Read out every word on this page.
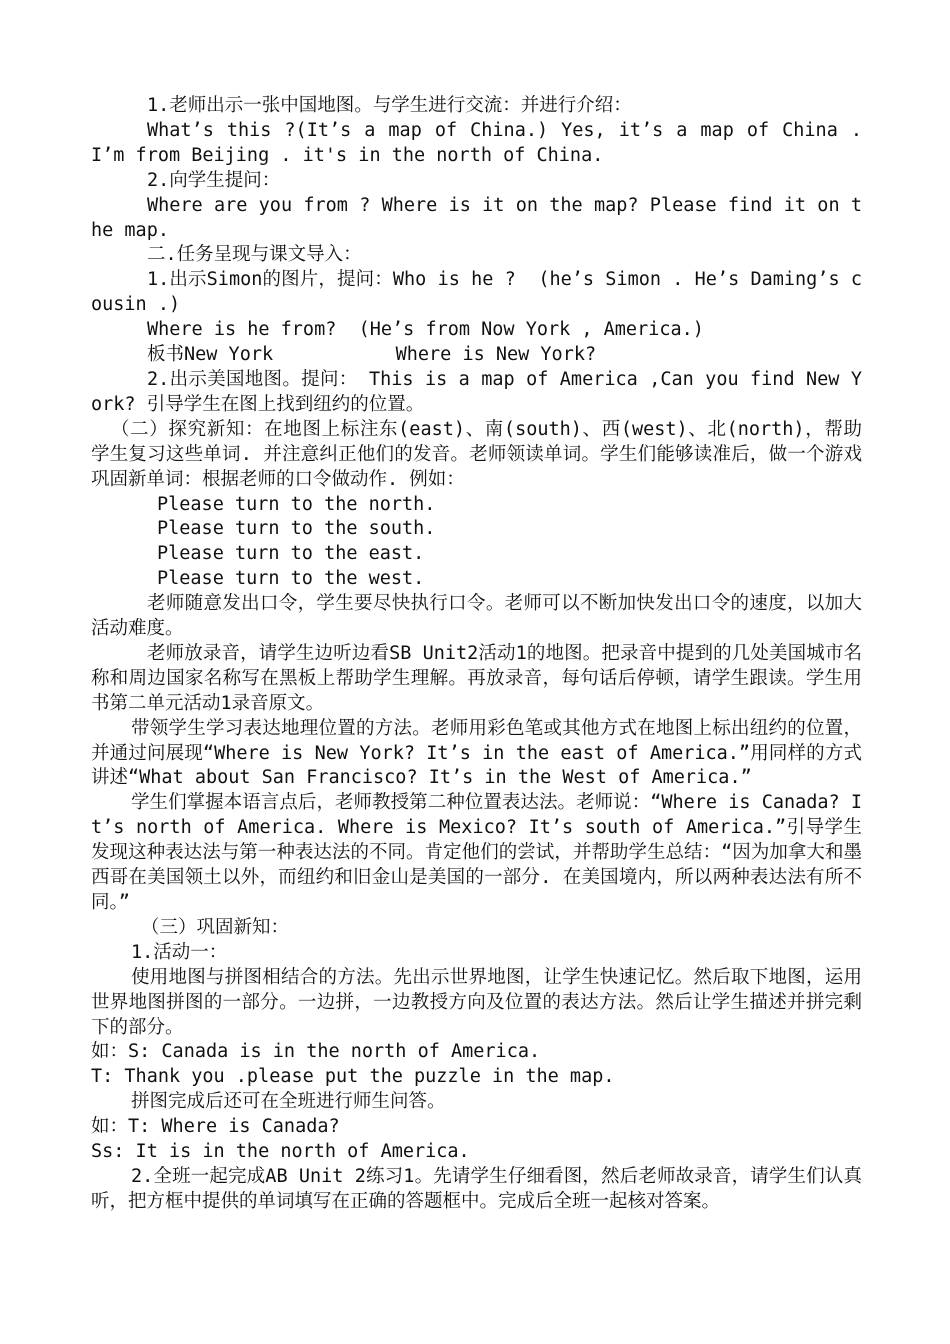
1.老师出示一张中国地图。与学生进行交流：并进行介绍：

What’s this ?(It’s a map of China.) Yes, it’s a map of China .I’m from Beijing . it's in the north of China.

2.向学生提问：

Where are you from ? Where is it on the map? Please find it on the map.

二.任务呈现与课文导入：

1.出示Simon的图片，提问：Who is he ?  (he’s Simon . He’s Daming’s cousin .)

Where is he from?  (He’s from Now York , America.)

板书New York           Where is New York?

2.出示美国地图。提问： This is a map of America ,Can you find New York? 引导学生在图上找到纽约的位置。

（二）探究新知：在地图上标注东(east)、南(south)、西(west)、北(north)，帮助学生复习这些单词. 并注意纠正他们的发音。老师领读单词。学生们能够读准后，做一个游戏巩固新单词：根据老师的口令做动作. 例如：

Please turn to the north.

Please turn to the south.

Please turn to the east.

Please turn to the west.

老师随意发出口令，学生要尽快执行口令。老师可以不断加快发出口令的速度，以加大活动难度。

老师放录音，请学生边听边看SB Unit2活动1的地图。把录音中提到的几处美国城市名称和周边国家名称写在黑板上帮助学生理解。再放录音，每句话后停顿，请学生跟读。学生用书第二单元活动1录音原文。

带领学生学习表达地理位置的方法。老师用彩色笔或其他方式在地图上标出纽约的位置，并通过问展现“Where is New York? It’s in the east of America.”用同样的方式讲述“What about San Francisco? It’s in the West of America.”

学生们掌握本语言点后，老师教授第二种位置表达法。老师说：“Where is Canada? It’s north of America. Where is Mexico? It’s south of America.”引导学生发现这种表达法与第一种表达法的不同。肯定他们的尝试，并帮助学生总结：“因为加拿大和墨西哥在美国领土以外，而纽约和旧金山是美国的一部分. 在美国境内，所以两种表达法有所不同。”

（三）巩固新知：

1.活动一：

使用地图与拼图相结合的方法。先出示世界地图，让学生快速记忆。然后取下地图，运用世界地图拼图的一部分。一边拼，一边教授方向及位置的表达方法。然后让学生描述并拼完剩下的部分。

如：S: Canada is in the north of America.

T: Thank you .please put the puzzle in the map.

拼图完成后还可在全班进行师生问答。

如：T: Where is Canada?

Ss: It is in the north of America.

2.全班一起完成AB Unit 2练习1。先请学生仔细看图，然后老师故录音，请学生们认真听，把方框中提供的单词填写在正确的答题框中。完成后全班一起核对答案。
